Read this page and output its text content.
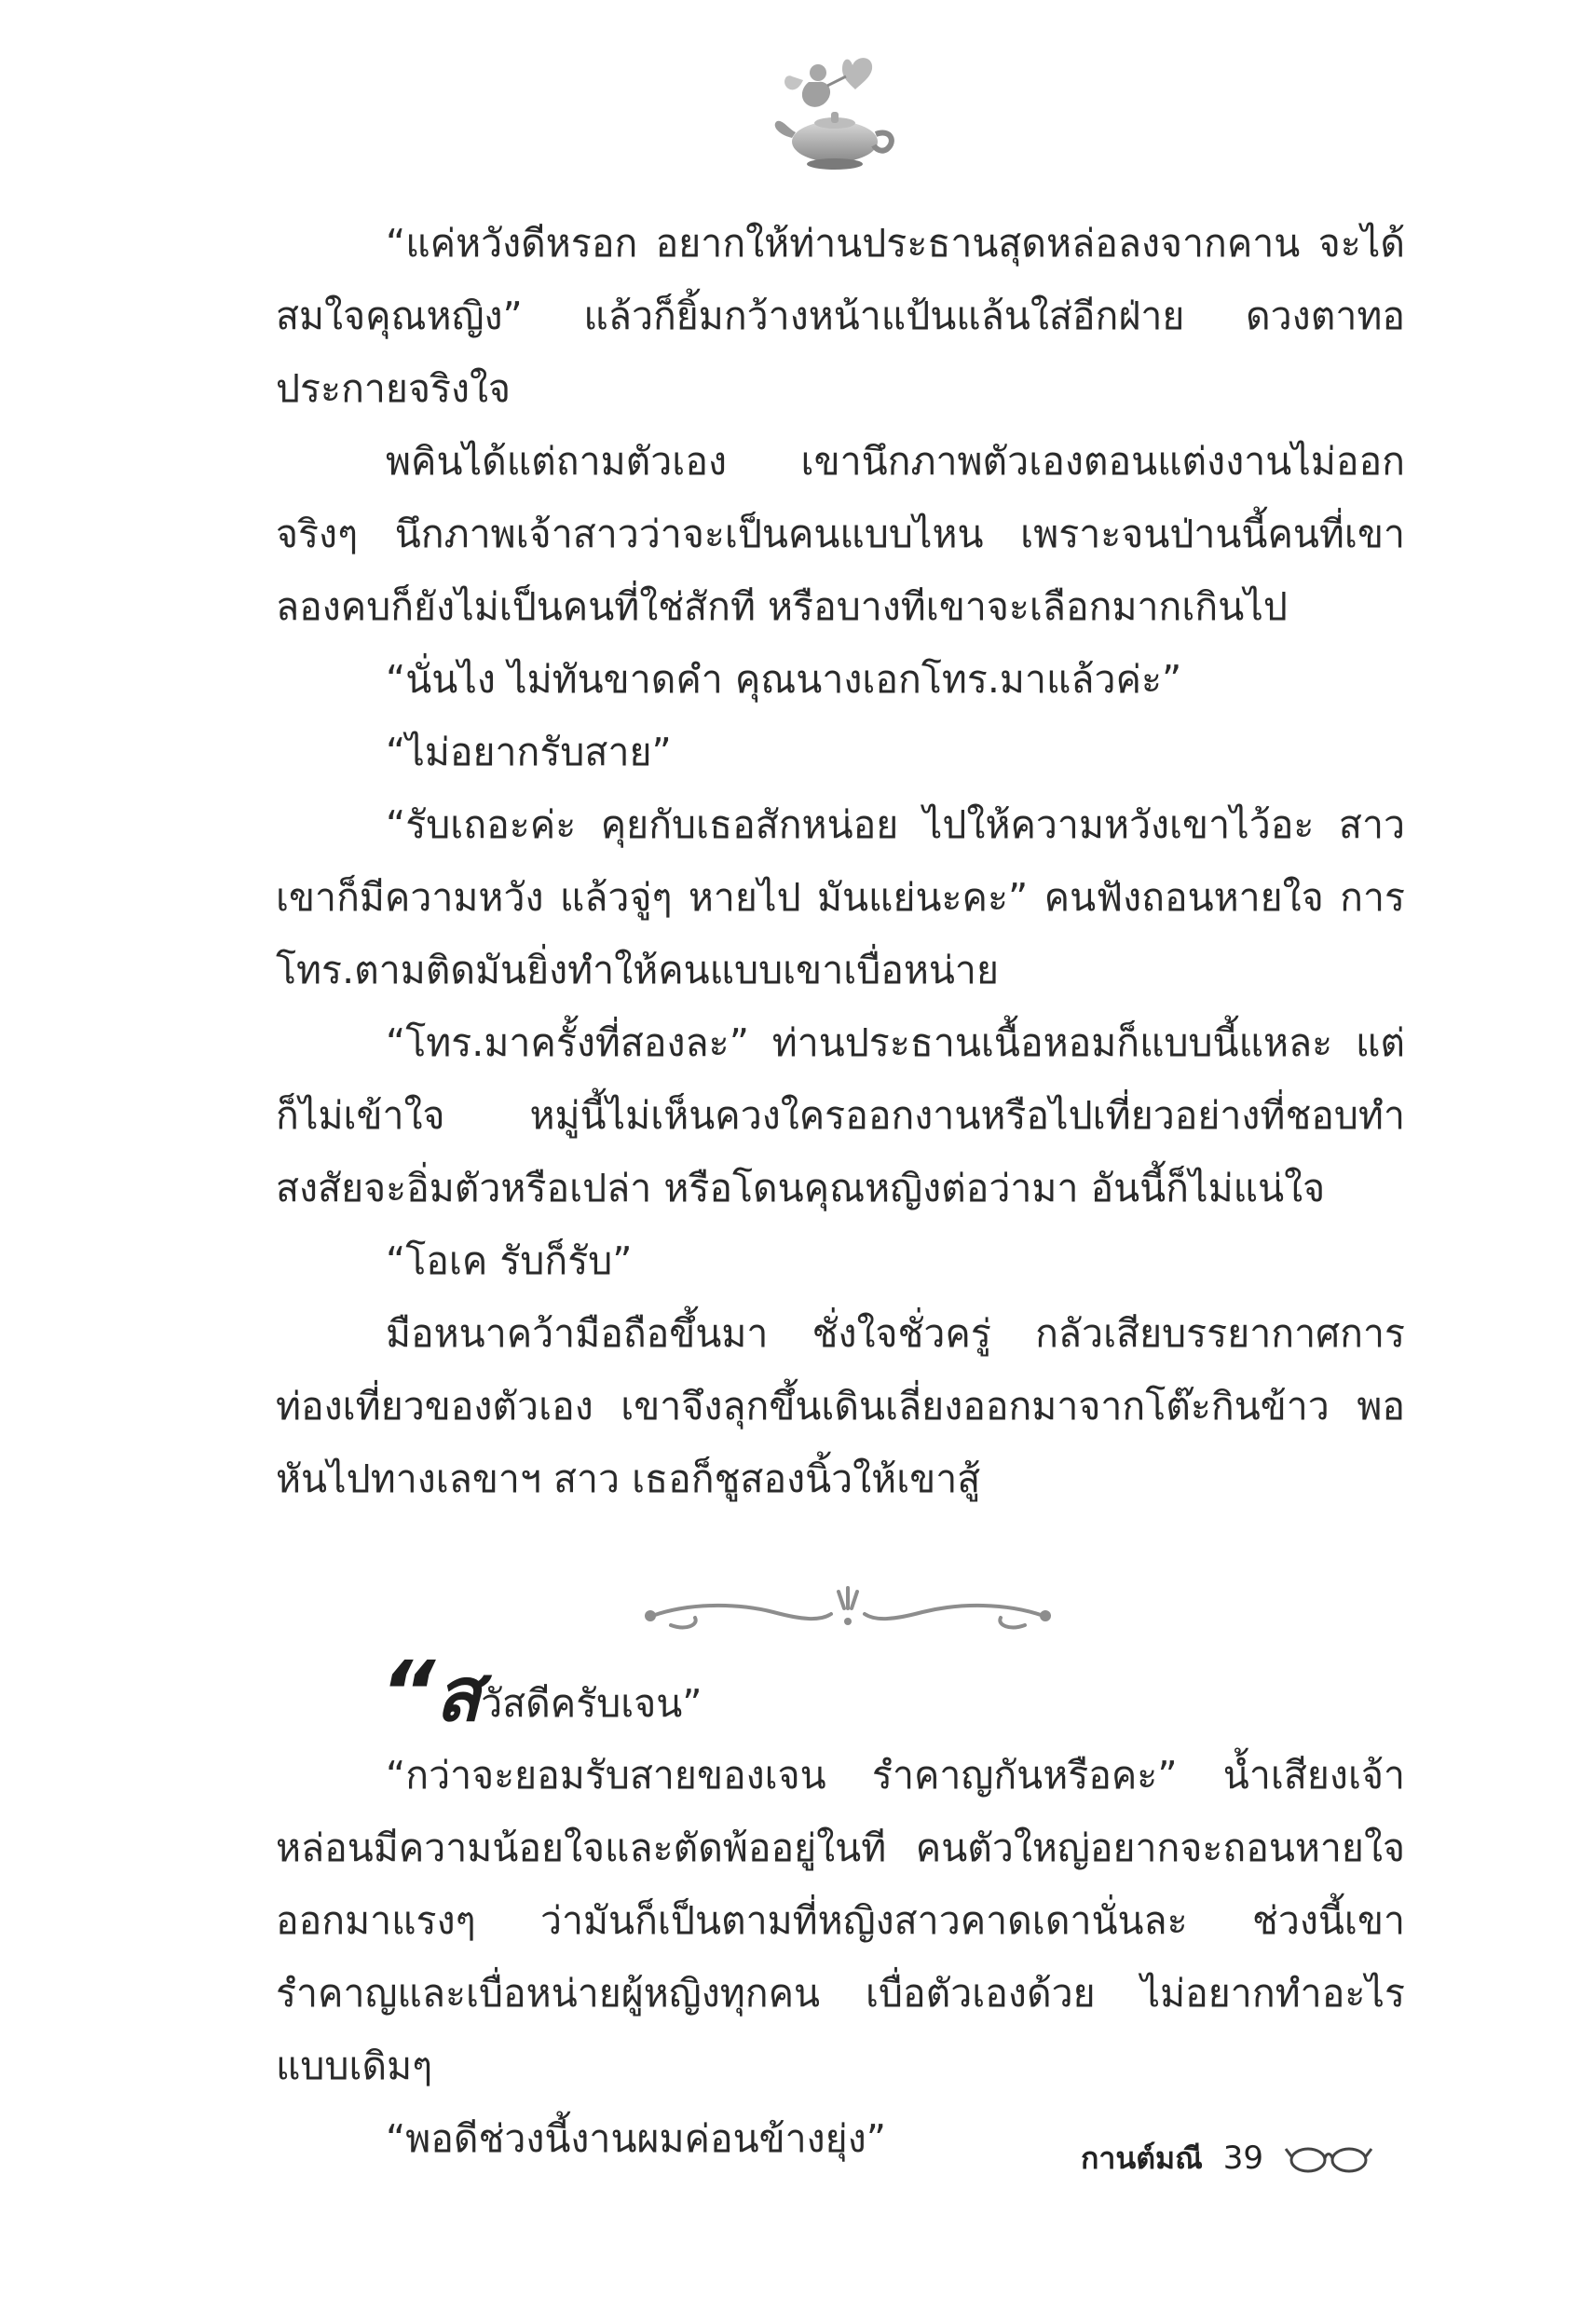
“แค่หวังดีหรอก อยากให้ท่านประธานสุดหล่อลงจากคาน จะได้สมใจคุณหญิง” แล้วก็ยิ้มกว้างหน้าแป้นแล้นใส่อีกฝ่าย ดวงตาทอประกายจริงใจ

พคินได้แต่ถามตัวเอง เขานึกภาพตัวเองตอนแต่งงานไม่ออกจริงๆ นึกภาพเจ้าสาวว่าจะเป็นคนแบบไหน เพราะจนป่านนี้คนที่เขาลองคบก็ยังไม่เป็นคนที่ใช่สักที หรือบางทีเขาจะเลือกมากเกินไป

“นั่นไง ไม่ทันขาดคำ คุณนางเอกโทร.มาแล้วค่ะ”

“ไม่อยากรับสาย”

“รับเถอะค่ะ คุยกับเธอสักหน่อย ไปให้ความหวังเขาไว้อะ สาวเขาก็มีความหวัง แล้วจู่ๆ หายไป มันแย่นะคะ” คนฟังถอนหายใจ การโทร.ตามติดมันยิ่งทำให้คนแบบเขาเบื่อหน่าย

“โทร.มาครั้งที่สองละ” ท่านประธานเนื้อหอมก็แบบนี้แหละ แต่ก็ไม่เข้าใจ หมู่นี้ไม่เห็นควงใครออกงานหรือไปเที่ยวอย่างที่ชอบทำ สงสัยจะอิ่มตัวหรือเปล่า หรือโดนคุณหญิงต่อว่ามา อันนี้ก็ไม่แน่ใจ

“โอเค รับก็รับ”

มือหนาคว้ามือถือขึ้นมา ชั่งใจชั่วครู่ กลัวเสียบรรยากาศการท่องเที่ยวของตัวเอง เขาจึงลุกขึ้นเดินเลี่ยงออกมาจากโต๊ะกินข้าว พอหันไปทางเลขาฯ สาว เธอก็ชูสองนิ้วให้เขาสู้

“สวัสดีครับเจน”

“กว่าจะยอมรับสายของเจน รำคาญกันหรือคะ” น้ำเสียงเจ้าหล่อนมีความน้อยใจและตัดพ้ออยู่ในที คนตัวใหญ่อยากจะถอนหายใจออกมาแรงๆ ว่ามันก็เป็นตามที่หญิงสาวคาดเดานั่นละ ช่วงนี้เขารำคาญและเบื่อหน่ายผู้หญิงทุกคน เบื่อตัวเองด้วย ไม่อยากทำอะไรแบบเดิมๆ

“พอดีช่วงนี้งานผมค่อนข้างยุ่ง”	กานต์มณี 39
